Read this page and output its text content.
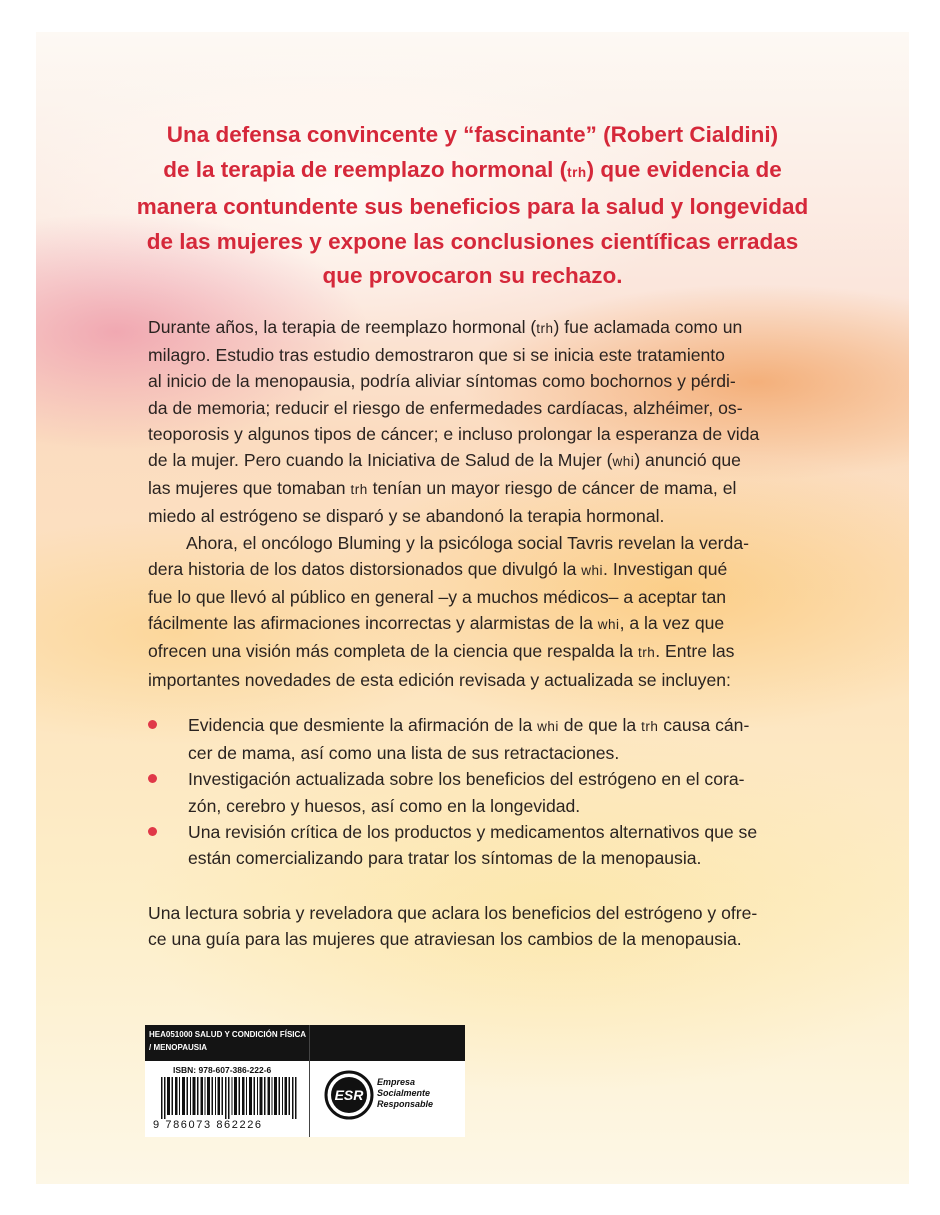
Una defensa convincente y “fascinante” (Robert Cialdini)
de la terapia de reemplazo hormonal (trh) que evidencia de
manera contundente sus beneficios para la salud y longevidad
de las mujeres y expone las conclusiones científicas erradas
que provocaron su rechazo.
Durante años, la terapia de reemplazo hormonal (trh) fue aclamada como un
milagro. Estudio tras estudio demostraron que si se inicia este tratamiento
al inicio de la menopausia, podría aliviar síntomas como bochornos y pérdi-
da de memoria; reducir el riesgo de enfermedades cardíacas, alzhéimer, os-
teoporosis y algunos tipos de cáncer; e incluso prolongar la esperanza de vida
de la mujer. Pero cuando la Iniciativa de Salud de la Mujer (whi) anunció que
las mujeres que tomaban trh tenían un mayor riesgo de cáncer de mama, el
miedo al estrógeno se disparó y se abandonó la terapia hormonal.
Ahora, el oncólogo Bluming y la psicóloga social Tavris revelan la verda-
dera historia de los datos distorsionados que divulgó la whi. Investigan qué
fue lo que llevó al público en general –y a muchos médicos– a aceptar tan
fácilmente las afirmaciones incorrectas y alarmistas de la whi, a la vez que
ofrecen una visión más completa de la ciencia que respalda la trh. Entre las
importantes novedades de esta edición revisada y actualizada se incluyen:
Evidencia que desmiente la afirmación de la whi de que la trh causa cán-
cer de mama, así como una lista de sus retractaciones.
Investigación actualizada sobre los beneficios del estrógeno en el cora-
zón, cerebro y huesos, así como en la longevidad.
Una revisión crítica de los productos y medicamentos alternativos que se
están comercializando para tratar los síntomas de la menopausia.
Una lectura sobria y reveladora que aclara los beneficios del estrógeno y ofre-
ce una guía para las mujeres que atraviesan los cambios de la menopausia.
HEA051000 SALUD Y CONDICIÓN FÍSICA
/ MENOPAUSIA
ISBN: 978-607-386-222-6
9 786073 862226
ESR
Empresa
Socialmente
Responsable
